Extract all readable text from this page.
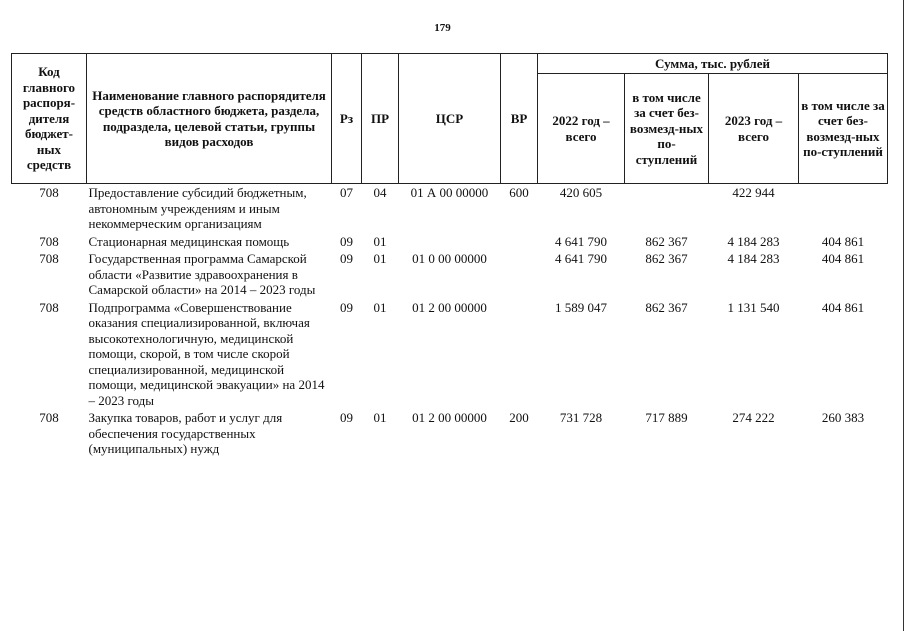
179
Код главного распоря-дителя бюджет-ных средств	Наименование главного распорядителя средств областного бюджета, раздела, подраздела, целевой статьи, группы видов расходов	Рз	ПР	ЦСР	ВР	Сумма, тыс. рублей			
						2022 год – всего	в том числе за счет без-возмезд-ных по-ступлений	2023 год – всего	в том числе за счет без-возмезд-ных по-ступлений
708	Предоставление субсидий бюджетным, автономным учреждениям и иным некоммерческим организациям	07	04	01 А 00 00000	600	420 605		422 944	
708	Стационарная медицинская помощь	09	01			4 641 790	862 367	4 184 283	404 861
708	Государственная программа Самарской области «Развитие здравоохранения в Самарской области» на 2014 – 2023 годы	09	01	01 0 00 00000		4 641 790	862 367	4 184 283	404 861
708	Подпрограмма «Совершенствование оказания специализированной, включая высокотехнологичную, медицинской помощи, скорой, в том числе скорой специализированной, медицинской помощи, медицинской эвакуации» на 2014 – 2023 годы	09	01	01 2 00 00000		1 589 047	862 367	1 131 540	404 861
708	Закупка товаров, работ и услуг для обеспечения государственных (муниципальных) нужд	09	01	01 2 00 00000	200	731 728	717 889	274 222	260 383
